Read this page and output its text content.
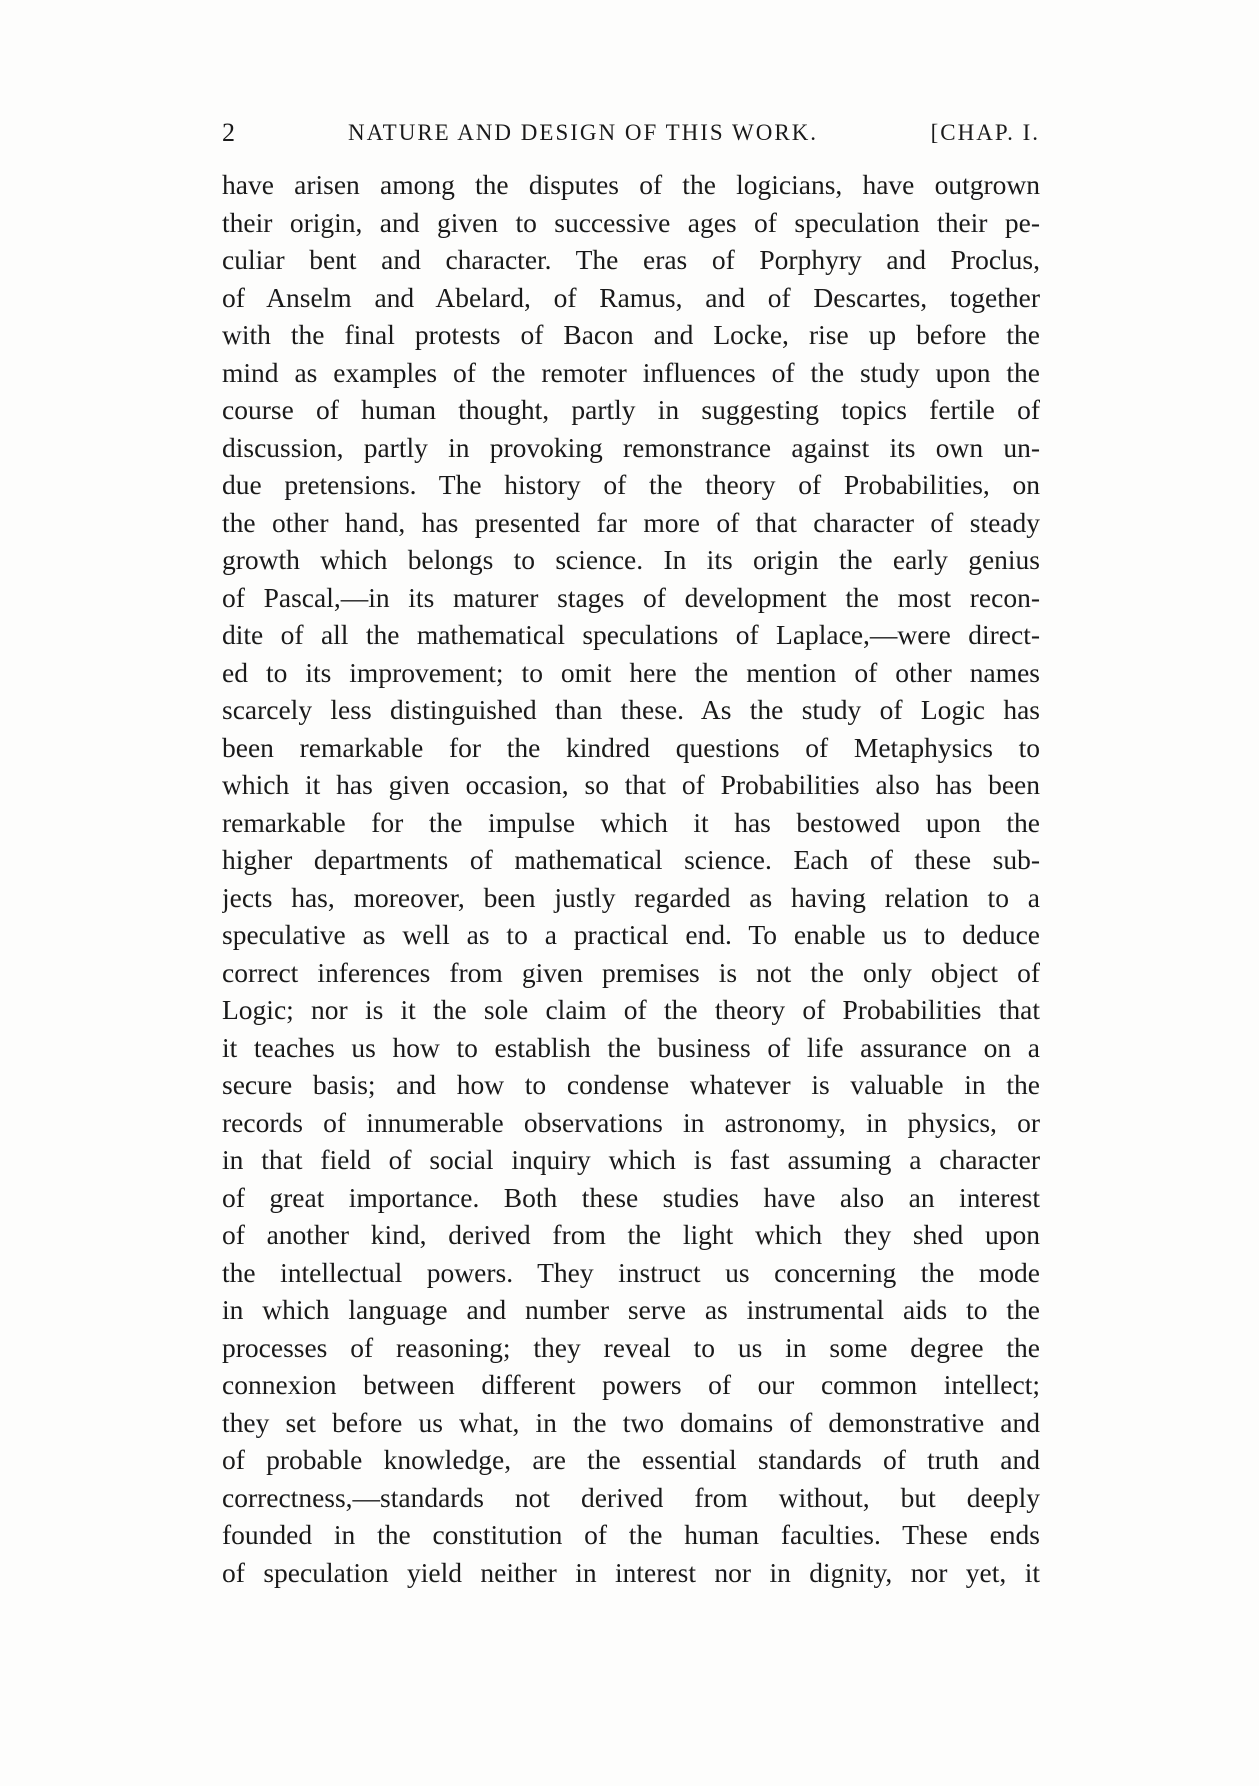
2	NATURE AND DESIGN OF THIS WORK.	[CHAP. I.
have arisen among the disputes of the logicians, have outgrown
their origin, and given to successive ages of speculation their pe-
culiar bent and character. The eras of Porphyry and Proclus,
of Anselm and Abelard, of Ramus, and of Descartes, together
with the final protests of Bacon and Locke, rise up before the
mind as examples of the remoter influences of the study upon the
course of human thought, partly in suggesting topics fertile of
discussion, partly in provoking remonstrance against its own un-
due pretensions. The history of the theory of Probabilities, on
the other hand, has presented far more of that character of steady
growth which belongs to science. In its origin the early genius
of Pascal,—in its maturer stages of development the most recon-
dite of all the mathematical speculations of Laplace,—were direct-
ed to its improvement; to omit here the mention of other names
scarcely less distinguished than these. As the study of Logic has
been remarkable for the kindred questions of Metaphysics to
which it has given occasion, so that of Probabilities also has been
remarkable for the impulse which it has bestowed upon the
higher departments of mathematical science. Each of these sub-
jects has, moreover, been justly regarded as having relation to a
speculative as well as to a practical end. To enable us to deduce
correct inferences from given premises is not the only object of
Logic; nor is it the sole claim of the theory of Probabilities that
it teaches us how to establish the business of life assurance on a
secure basis; and how to condense whatever is valuable in the
records of innumerable observations in astronomy, in physics, or
in that field of social inquiry which is fast assuming a character
of great importance. Both these studies have also an interest
of another kind, derived from the light which they shed upon
the intellectual powers. They instruct us concerning the mode
in which language and number serve as instrumental aids to the
processes of reasoning; they reveal to us in some degree the
connexion between different powers of our common intellect;
they set before us what, in the two domains of demonstrative and
of probable knowledge, are the essential standards of truth and
correctness,—standards not derived from without, but deeply
founded in the constitution of the human faculties. These ends
of speculation yield neither in interest nor in dignity, nor yet, it
